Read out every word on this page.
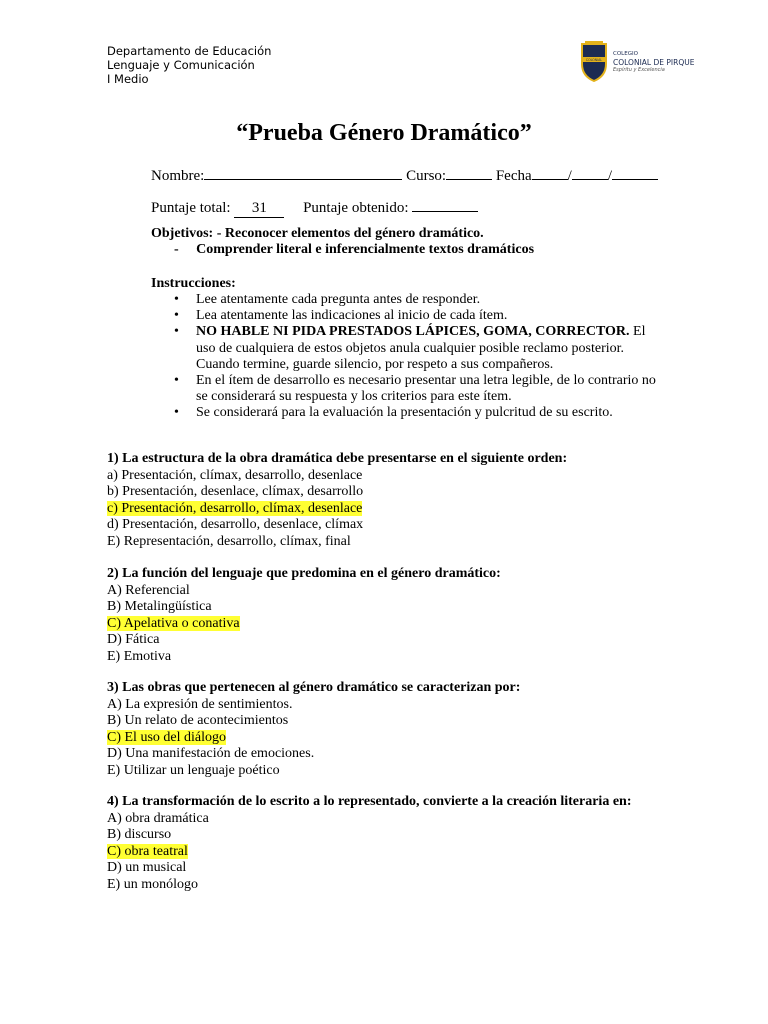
Departamento de Educación
Lenguaje y Comunicación
I Medio
COLONIAL
COLEGIO
COLONIAL DE PIRQUE
Espíritu y Excelencia
“Prueba Género Dramático”
Nombre:	Curso:	Fecha / /
Puntaje total: 31 Puntaje obtenido:
Objetivos: - Reconocer elementos del género dramático.
-     Comprender literal e inferencialmente textos dramáticos
Instrucciones:
• Lee atentamente cada pregunta antes de responder.
• Lea atentamente las indicaciones al inicio de cada ítem.
• NO HABLE NI PIDA PRESTADOS LÁPICES, GOMA, CORRECTOR. El uso de cualquiera de estos objetos anula cualquier posible reclamo posterior. Cuando termine, guarde silencio, por respeto a sus compañeros.
• En el ítem de desarrollo es necesario presentar una letra legible, de lo contrario no se considerará su respuesta y los criterios para este ítem.
• Se considerará para la evaluación la presentación y pulcritud de su escrito.
1) La estructura de la obra dramática debe presentarse en el siguiente orden:
a) Presentación, clímax, desarrollo, desenlace
b) Presentación, desenlace, clímax, desarrollo
c) Presentación, desarrollo, clímax, desenlace
d) Presentación, desarrollo, desenlace, clímax
E) Representación, desarrollo, clímax, final
2) La función del lenguaje que predomina en el género dramático:
A) Referencial
B) Metalingüística
C) Apelativa o conativa
D) Fática
E) Emotiva
3) Las obras que pertenecen al género dramático se caracterizan por:
A) La expresión de sentimientos.
B) Un relato de acontecimientos
C) El uso del diálogo
D) Una manifestación de emociones.
E) Utilizar un lenguaje poético
4) La transformación de lo escrito a lo representado, convierte a la creación literaria en:
A) obra dramática
B) discurso
C) obra teatral
D) un musical
E) un monólogo
